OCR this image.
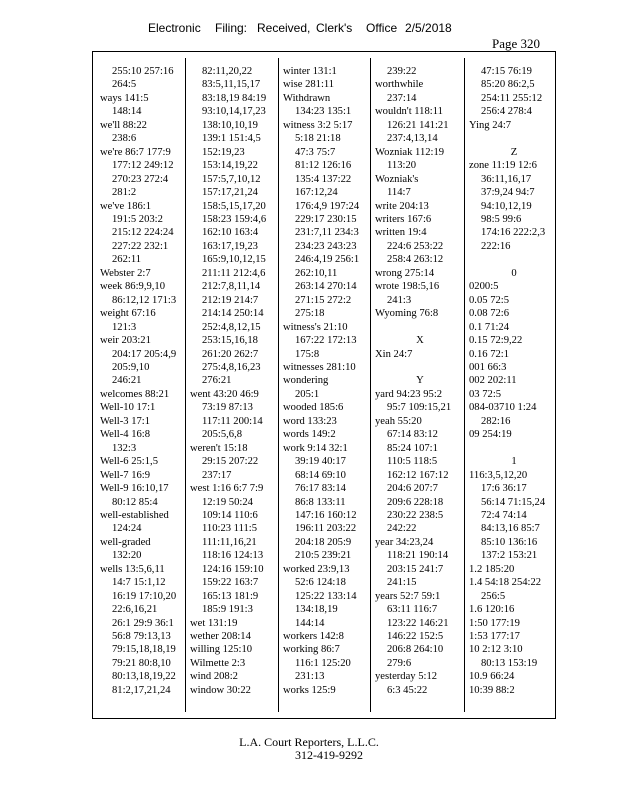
Electronic Filing: Received, Clerk's Office 2/5/2018
Page 320
255:10 257:16
264:5
ways 141:5
148:14
we'll 88:22
238:6
we're 86:7 177:9
177:12 249:12
270:23 272:4
281:2
we've 186:1
191:5 203:2
215:12 224:24
227:22 232:1
262:11
Webster 2:7
week 86:9,9,10
86:12,12 171:3
weight 67:16
121:3
weir 203:21
204:17 205:4,9
205:9,10
246:21
welcomes 88:21
Well-10 17:1
Well-3 17:1
Well-4 16:8
132:3
Well-6 25:1,5
Well-7 16:9
Well-9 16:10,17
80:12 85:4
well-established
124:24
well-graded
132:20
wells 13:5,6,11
14:7 15:1,12
16:19 17:10,20
22:6,16,21
26:1 29:9 36:1
56:8 79:13,13
79:15,18,18,19
79:21 80:8,10
80:13,18,19,22
81:2,17,21,24
82:11,20,22
83:5,11,15,17
83:18,19 84:19
93:10,14,17,23
138:10,10,19
139:1 151:4,5
152:19,23
153:14,19,22
157:5,7,10,12
157:17,21,24
158:5,15,17,20
158:23 159:4,6
162:10 163:4
163:17,19,23
165:9,10,12,15
211:11 212:4,6
212:7,8,11,14
212:19 214:7
214:14 250:14
252:4,8,12,15
253:15,16,18
261:20 262:7
275:4,8,16,23
276:21
went 43:20 46:9
73:19 87:13
117:11 200:14
205:5,6,8
weren't 15:18
29:15 207:22
237:17
west 1:16 6:7 7:9
12:19 50:24
109:14 110:6
110:23 111:5
111:11,16,21
118:16 124:13
124:16 159:10
159:22 163:7
165:13 181:9
185:9 191:3
wet 131:19
wether 208:14
willing 125:10
Wilmette 2:3
wind 208:2
window 30:22
winter 131:1
wise 281:11
Withdrawn
134:23 135:1
witness 3:2 5:17
5:18 21:18
47:3 75:7
81:12 126:16
135:4 137:22
167:12,24
176:4,9 197:24
229:17 230:15
231:7,11 234:3
234:23 243:23
246:4,19 256:1
262:10,11
263:14 270:14
271:15 272:2
275:18
witness's 21:10
167:22 172:13
175:8
witnesses 281:10
wondering
205:1
wooded 185:6
word 133:23
words 149:2
work 9:14 32:1
39:19 40:17
68:14 69:10
76:17 83:14
86:8 133:11
147:16 160:12
196:11 203:22
204:18 205:9
210:5 239:21
worked 23:9,13
52:6 124:18
125:22 133:14
134:18,19
144:14
workers 142:8
working 86:7
116:1 125:20
231:13
works 125:9
239:22
worthwhile
237:14
wouldn't 118:11
126:21 141:21
237:4,13,14
Wozniak 112:19
113:20
Wozniak's
114:7
write 204:13
writers 167:6
written 19:4
224:6 253:22
258:4 263:12
wrong 275:14
wrote 198:5,16
241:3
Wyoming 76:8

X
Xin 24:7

Y
yard 94:23 95:2
95:7 109:15,21
yeah 55:20
67:14 83:12
85:24 107:1
110:5 118:5
162:12 167:12
204:6 207:7
209:6 228:18
230:22 238:5
242:22
year 34:23,24
118:21 190:14
203:15 241:7
241:15
years 52:7 59:1
63:11 116:7
123:22 146:21
146:22 152:5
206:8 264:10
279:6
yesterday 5:12
6:3 45:22
47:15 76:19
85:20 86:2,5
254:11 255:12
256:4 278:4
Ying 24:7

Z
zone 11:19 12:6
36:11,16,17
37:9,24 94:7
94:10,12,19
98:5 99:6
174:16 222:2,3
222:16

0
0200:5
0.05 72:5
0.08 72:6
0.1 71:24
0.15 72:9,22
0.16 72:1
001 66:3
002 202:11
03 72:5
084-03710 1:24
282:16
09 254:19

1
116:3,5,12,20
17:6 36:17
56:14 71:15,24
72:4 74:14
84:13,16 85:7
85:10 136:16
137:2 153:21
1.2 185:20
1.4 54:18 254:22
256:5
1.6 120:16
1:50 177:19
1:53 177:17
10 2:12 3:10
80:13 153:19
10.9 66:24
10:39 88:2
L.A. Court Reporters, L.L.C.
312-419-9292
